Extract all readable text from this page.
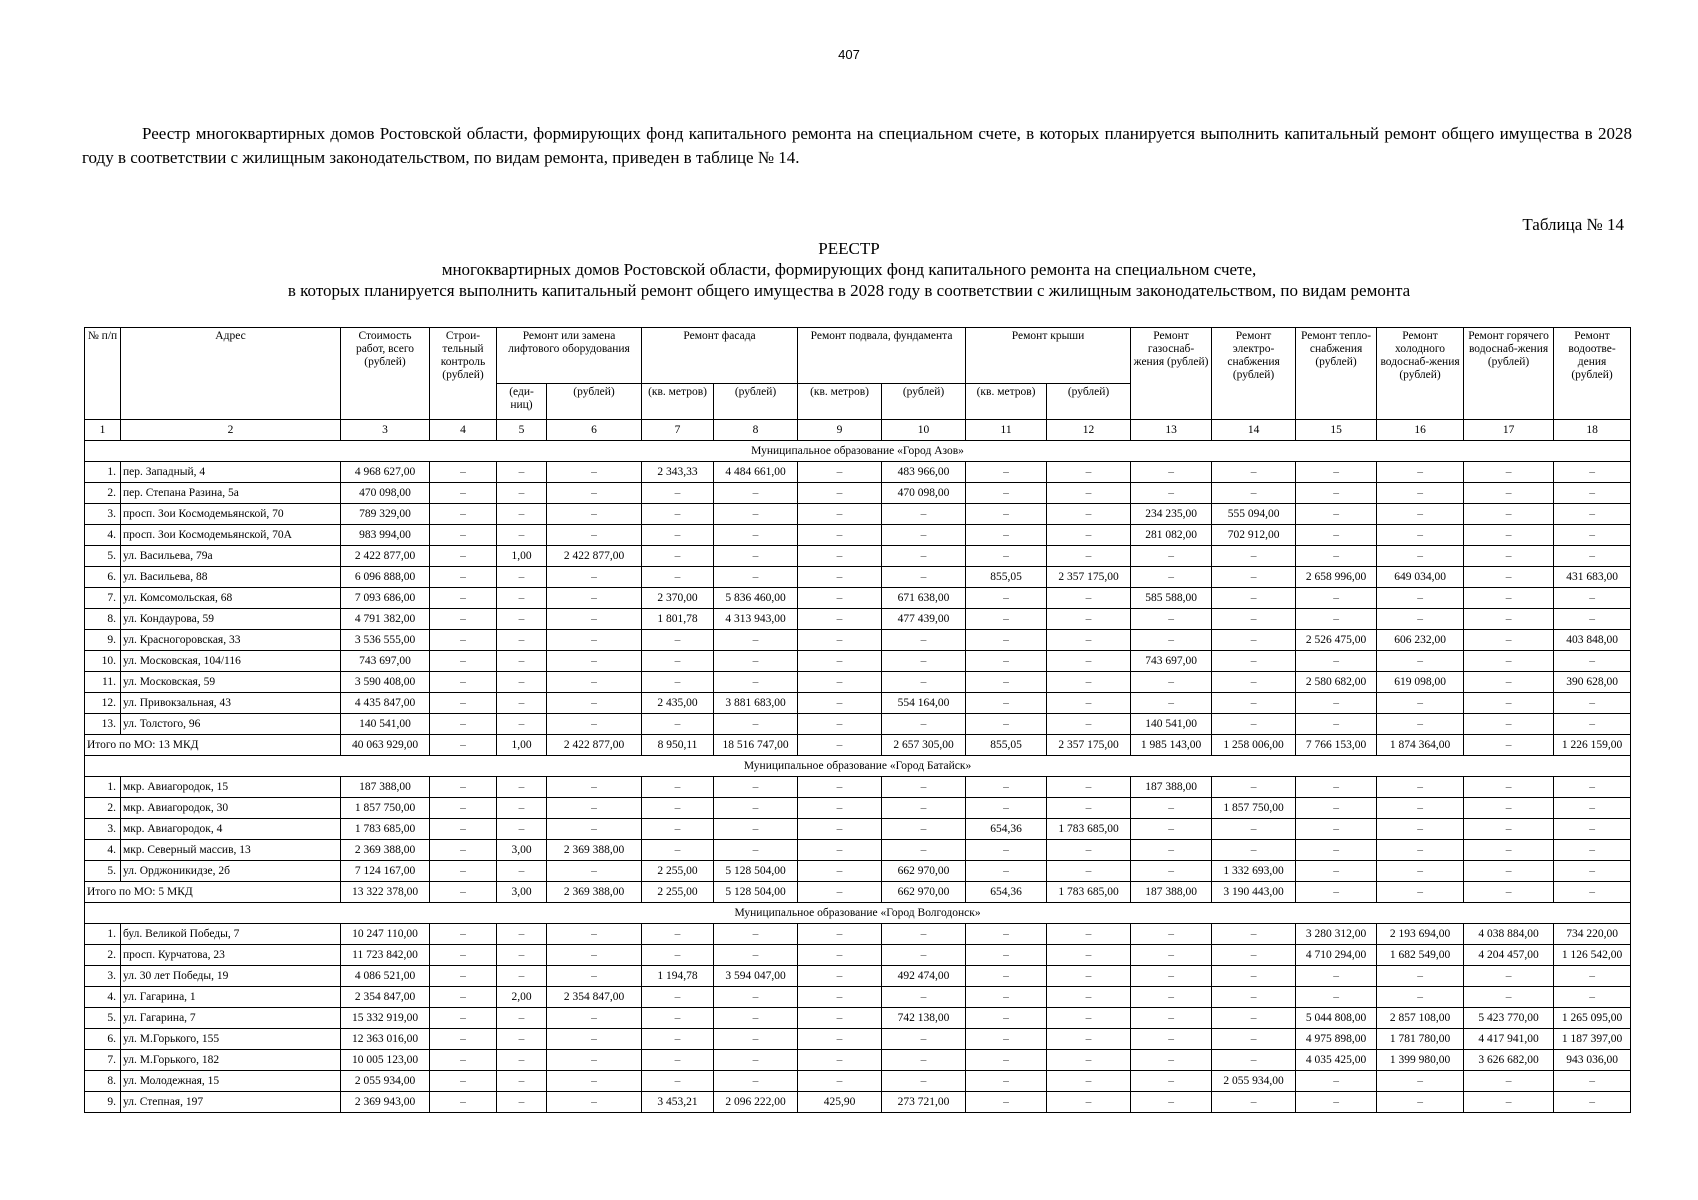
407

Реестр многоквартирных домов Ростовской области, формирующих фонд капитального ремонта на специальном счете, в которых планируется выполнить капитальный ремонт общего имущества в 2028 году в соответствии с жилищным законодательством, по видам ремонта, приведен в таблице № 14.

Таблица № 14
РЕЕСТР
многоквартирных домов Ростовской области, формирующих фонд капитального ремонта на специальном счете,
в которых планируется выполнить капитальный ремонт общего имущества в 2028 году в соответствии с жилищным законодательством, по видам ремонта
№ п/п	Адрес	Стоимость работ, всего (рублей)	Строи-тельный контроль (рублей)	Ремонт или замена лифтового оборудования		Ремонт фасада		Ремонт подвала, фундамента		Ремонт крыши		Ремонт газоснаб-жения (рублей)	Ремонт электро-снабжения (рублей)	Ремонт тепло-снабжения (рублей)	Ремонт холодного водоснаб-жения (рублей)	Ремонт горячего водоснаб-жения (рублей)	Ремонт водоотве-дения (рублей)
				(еди-ниц)	(рублей)	(кв. метров)	(рублей)	(кв. метров)	(рублей)	(кв. метров)	(рублей)						
1	2	3	4	5	6	7	8	9	10	11	12	13	14	15	16	17	18
Муниципальное образование «Город Азов»																	
1.	пер. Западный, 4	4 968 627,00	–	–	–	2 343,33	4 484 661,00	–	483 966,00	–	–	–	–	–	–	–	–
2.	пер. Степана Разина, 5а	470 098,00	–	–	–	–	–	–	470 098,00	–	–	–	–	–	–	–	–
3.	просп. Зои Космодемьянской, 70	789 329,00	–	–	–	–	–	–	–	–	–	234 235,00	555 094,00	–	–	–	–
4.	просп. Зои Космодемьянской, 70А	983 994,00	–	–	–	–	–	–	–	–	–	281 082,00	702 912,00	–	–	–	–
5.	ул. Васильева, 79а	2 422 877,00	–	1,00	2 422 877,00	–	–	–	–	–	–	–	–	–	–	–	–
6.	ул. Васильева, 88	6 096 888,00	–	–	–	–	–	–	–	855,05	2 357 175,00	–	–	2 658 996,00	649 034,00	–	431 683,00
7.	ул. Комсомольская, 68	7 093 686,00	–	–	–	2 370,00	5 836 460,00	–	671 638,00	–	–	585 588,00	–	–	–	–	–
8.	ул. Кондаурова, 59	4 791 382,00	–	–	–	1 801,78	4 313 943,00	–	477 439,00	–	–	–	–	–	–	–	–
9.	ул. Красногоровская, 33	3 536 555,00	–	–	–	–	–	–	–	–	–	–	–	2 526 475,00	606 232,00	–	403 848,00
10.	ул. Московская, 104/116	743 697,00	–	–	–	–	–	–	–	–	–	743 697,00	–	–	–	–	–
11.	ул. Московская, 59	3 590 408,00	–	–	–	–	–	–	–	–	–	–	–	2 580 682,00	619 098,00	–	390 628,00
12.	ул. Привокзальная, 43	4 435 847,00	–	–	–	2 435,00	3 881 683,00	–	554 164,00	–	–	–	–	–	–	–	–
13.	ул. Толстого, 96	140 541,00	–	–	–	–	–	–	–	–	–	140 541,00	–	–	–	–	–
Итого по МО: 13 МКД		40 063 929,00	–	1,00	2 422 877,00	8 950,11	18 516 747,00	–	2 657 305,00	855,05	2 357 175,00	1 985 143,00	1 258 006,00	7 766 153,00	1 874 364,00	–	1 226 159,00
Муниципальное образование «Город Батайск»																	
1.	мкр. Авиагородок, 15	187 388,00	–	–	–	–	–	–	–	–	–	187 388,00	–	–	–	–	–
2.	мкр. Авиагородок, 30	1 857 750,00	–	–	–	–	–	–	–	–	–	–	1 857 750,00	–	–	–	–
3.	мкр. Авиагородок, 4	1 783 685,00	–	–	–	–	–	–	–	654,36	1 783 685,00	–	–	–	–	–	–
4.	мкр. Северный массив, 13	2 369 388,00	–	3,00	2 369 388,00	–	–	–	–	–	–	–	–	–	–	–	–
5.	ул. Орджоникидзе, 2б	7 124 167,00	–	–	–	2 255,00	5 128 504,00	–	662 970,00	–	–	–	1 332 693,00	–	–	–	–
Итого по МО: 5 МКД		13 322 378,00	–	3,00	2 369 388,00	2 255,00	5 128 504,00	–	662 970,00	654,36	1 783 685,00	187 388,00	3 190 443,00	–	–	–	–
Муниципальное образование «Город Волгодонск»																	
1.	бул. Великой Победы, 7	10 247 110,00	–	–	–	–	–	–	–	–	–	–	–	3 280 312,00	2 193 694,00	4 038 884,00	734 220,00
2.	просп. Курчатова, 23	11 723 842,00	–	–	–	–	–	–	–	–	–	–	–	4 710 294,00	1 682 549,00	4 204 457,00	1 126 542,00
3.	ул. 30 лет Победы, 19	4 086 521,00	–	–	–	1 194,78	3 594 047,00	–	492 474,00	–	–	–	–	–	–	–	–
4.	ул. Гагарина, 1	2 354 847,00	–	2,00	2 354 847,00	–	–	–	–	–	–	–	–	–	–	–	–
5.	ул. Гагарина, 7	15 332 919,00	–	–	–	–	–	–	742 138,00	–	–	–	–	5 044 808,00	2 857 108,00	5 423 770,00	1 265 095,00
6.	ул. М.Горького, 155	12 363 016,00	–	–	–	–	–	–	–	–	–	–	–	4 975 898,00	1 781 780,00	4 417 941,00	1 187 397,00
7.	ул. М.Горького, 182	10 005 123,00	–	–	–	–	–	–	–	–	–	–	–	4 035 425,00	1 399 980,00	3 626 682,00	943 036,00
8.	ул. Молодежная, 15	2 055 934,00	–	–	–	–	–	–	–	–	–	–	2 055 934,00	–	–	–	–
9.	ул. Степная, 197	2 369 943,00	–	–	–	3 453,21	2 096 222,00	425,90	273 721,00	–	–	–	–	–	–	–	–
